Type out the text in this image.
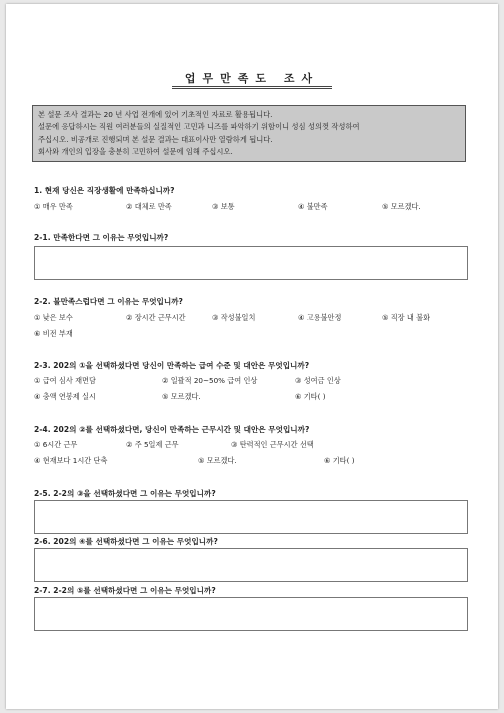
업무만족도 조사
본 설문 조사 결과는 20 년 사업 전개에 있어 기초적인 자료로 활용됩니다.
설문에 응답하시는 직원 여러분들의 실질적인 고민과 니즈를 파악하기 위함이니 성심 성의껏 작성하여
주십시오. 비공개로 진행되며 본 설문 결과는 대표이사만 열람하게 됩니다.
회사와 개인의 입장을 충분히 고민하여 설문에 임해 주십시오.
1. 현재 당신은 직장생활에 만족하십니까?
① 매우 만족	② 대체로 만족	③ 보통	④ 불만족	⑤ 모르겠다.
2-1. 만족한다면 그 이유는 무엇입니까?
2-2. 불만족스럽다면 그 이유는 무엇입니까?
① 낮은 보수	② 장시간 근무시간	③ 작성불일치	④ 고용불안정	⑤ 직장 내 불화
⑥ 비전 부재
2-3. 202의 ①을 선택하셨다면 당신이 만족하는 급여 수준 및 대안은 무엇입니까?
① 급여 심사 재면담	② 일괄적 20~50% 급여 인상	③ 성여금 인상
④ 충액 연봉제 실시	⑤ 모르겠다.	⑥ 기타( )
2-4. 202의 ②를 선택하셨다면, 당신이 만족하는 근무시간 및 대안은 무엇입니까?
① 6시간 근무	② 주 5일제 근무	③ 탄력적인 근무시간 선택
④ 현재보다 1시간 단축	⑤ 모르겠다.	⑥ 기타( )
2-5. 2-2의 ③을 선택하셨다면 그 이유는 무엇입니까?
2-6. 202의 ④를 선택하셨다면 그 이유는 무엇입니까?
2-7. 2-2의 ⑤를 선택하셨다면 그 이유는 무엇입니까?
